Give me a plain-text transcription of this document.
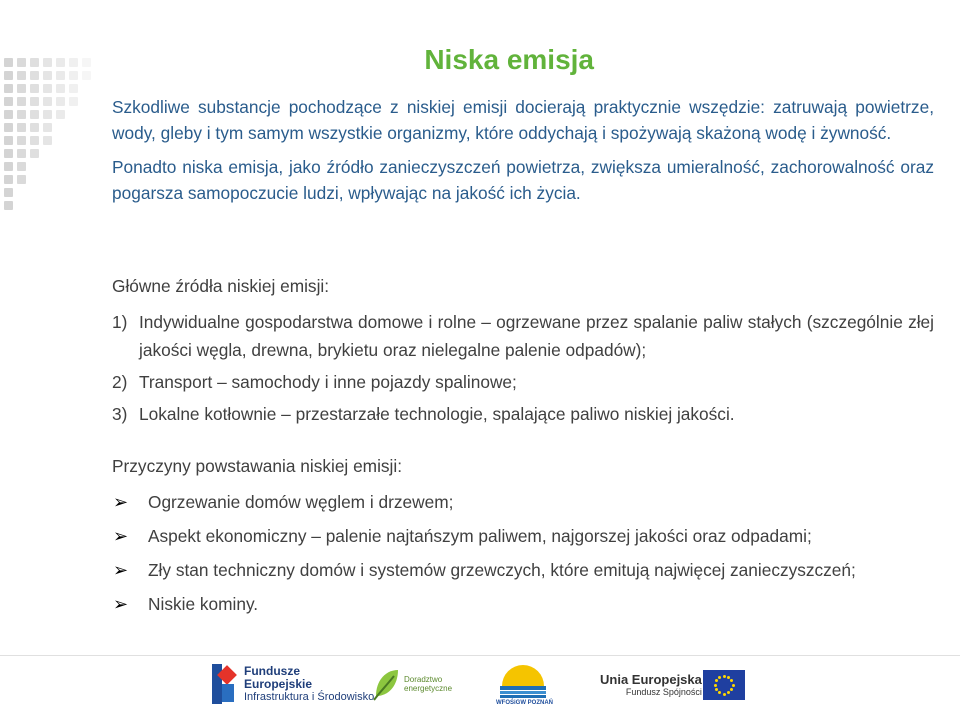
Niska emisja

Szkodliwe substancje pochodzące z niskiej emisji docierają praktycznie wszędzie: zatruwają powietrze, wody, gleby i tym samym wszystkie organizmy, które oddychają i spożywają skażoną wodę i żywność.

Ponadto niska emisja, jako źródło zanieczyszczeń powietrza, zwiększa umieralność, zachorowalność oraz pogarsza samopoczucie ludzi, wpływając na jakość ich życia.

Główne źródła niskiej emisji:
1) Indywidualne gospodarstwa domowe i rolne – ogrzewane przez spalanie paliw stałych (szczególnie złej jakości węgla, drewna, brykietu oraz nielegalne palenie odpadów);
2) Transport – samochody i inne pojazdy spalinowe;
3) Lokalne kotłownie – przestarzałe technologie, spalające paliwo niskiej jakości.
Przyczyny powstawania niskiej emisji:
➢	Ogrzewanie domów węglem i drzewem;
➢	Aspekt ekonomiczny – palenie najtańszym paliwem, najgorszej jakości oraz odpadami;
➢	Zły stan techniczny domów i systemów grzewczych, które emitują najwięcej zanieczyszczeń;
➢	Niskie kominy.
Fundusze
Europejskie
Infrastruktura i Środowisko
Doradztwo
energetyczne
WFOŚiGW POZNAŃ
Unia Europejska
Fundusz Spójności
